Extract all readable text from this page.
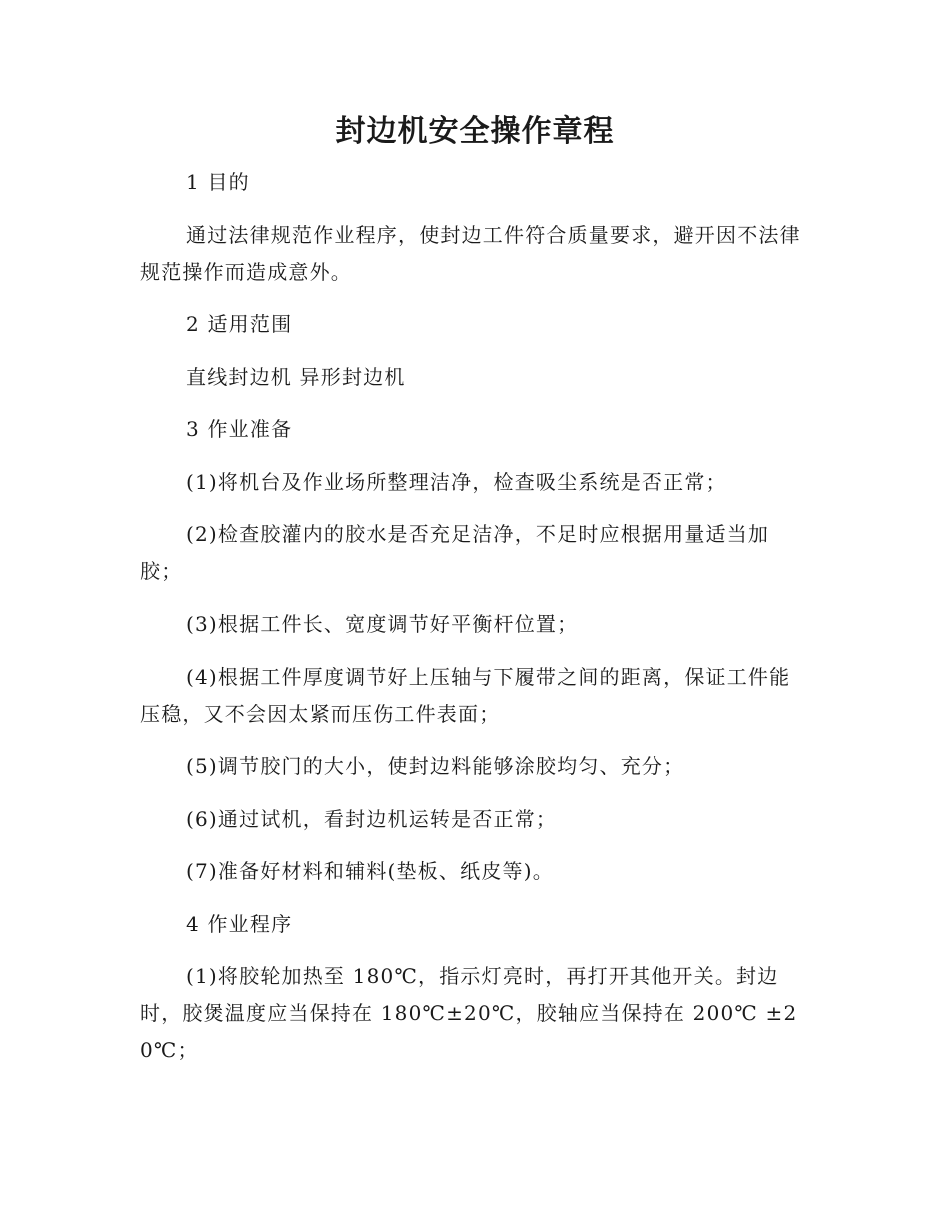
封边机安全操作章程
1 目的
通过法律规范作业程序，使封边工件符合质量要求，避开因不法律规范操作而造成意外。
2 适用范围
直线封边机 异形封边机
3 作业准备
(1)将机台及作业场所整理洁净，检查吸尘系统是否正常；
(2)检查胶灌内的胶水是否充足洁净，不足时应根据用量适当加胶；
(3)根据工件长、宽度调节好平衡杆位置；
(4)根据工件厚度调节好上压轴与下履带之间的距离，保证工件能压稳，又不会因太紧而压伤工件表面；
(5)调节胶门的大小，使封边料能够涂胶均匀、充分；
(6)通过试机，看封边机运转是否正常；
(7)准备好材料和辅料(垫板、纸皮等)。
4 作业程序
(1)将胶轮加热至 180℃，指示灯亮时，再打开其他开关。封边时，胶煲温度应当保持在 180℃±20℃，胶轴应当保持在 200℃ ±20℃；
